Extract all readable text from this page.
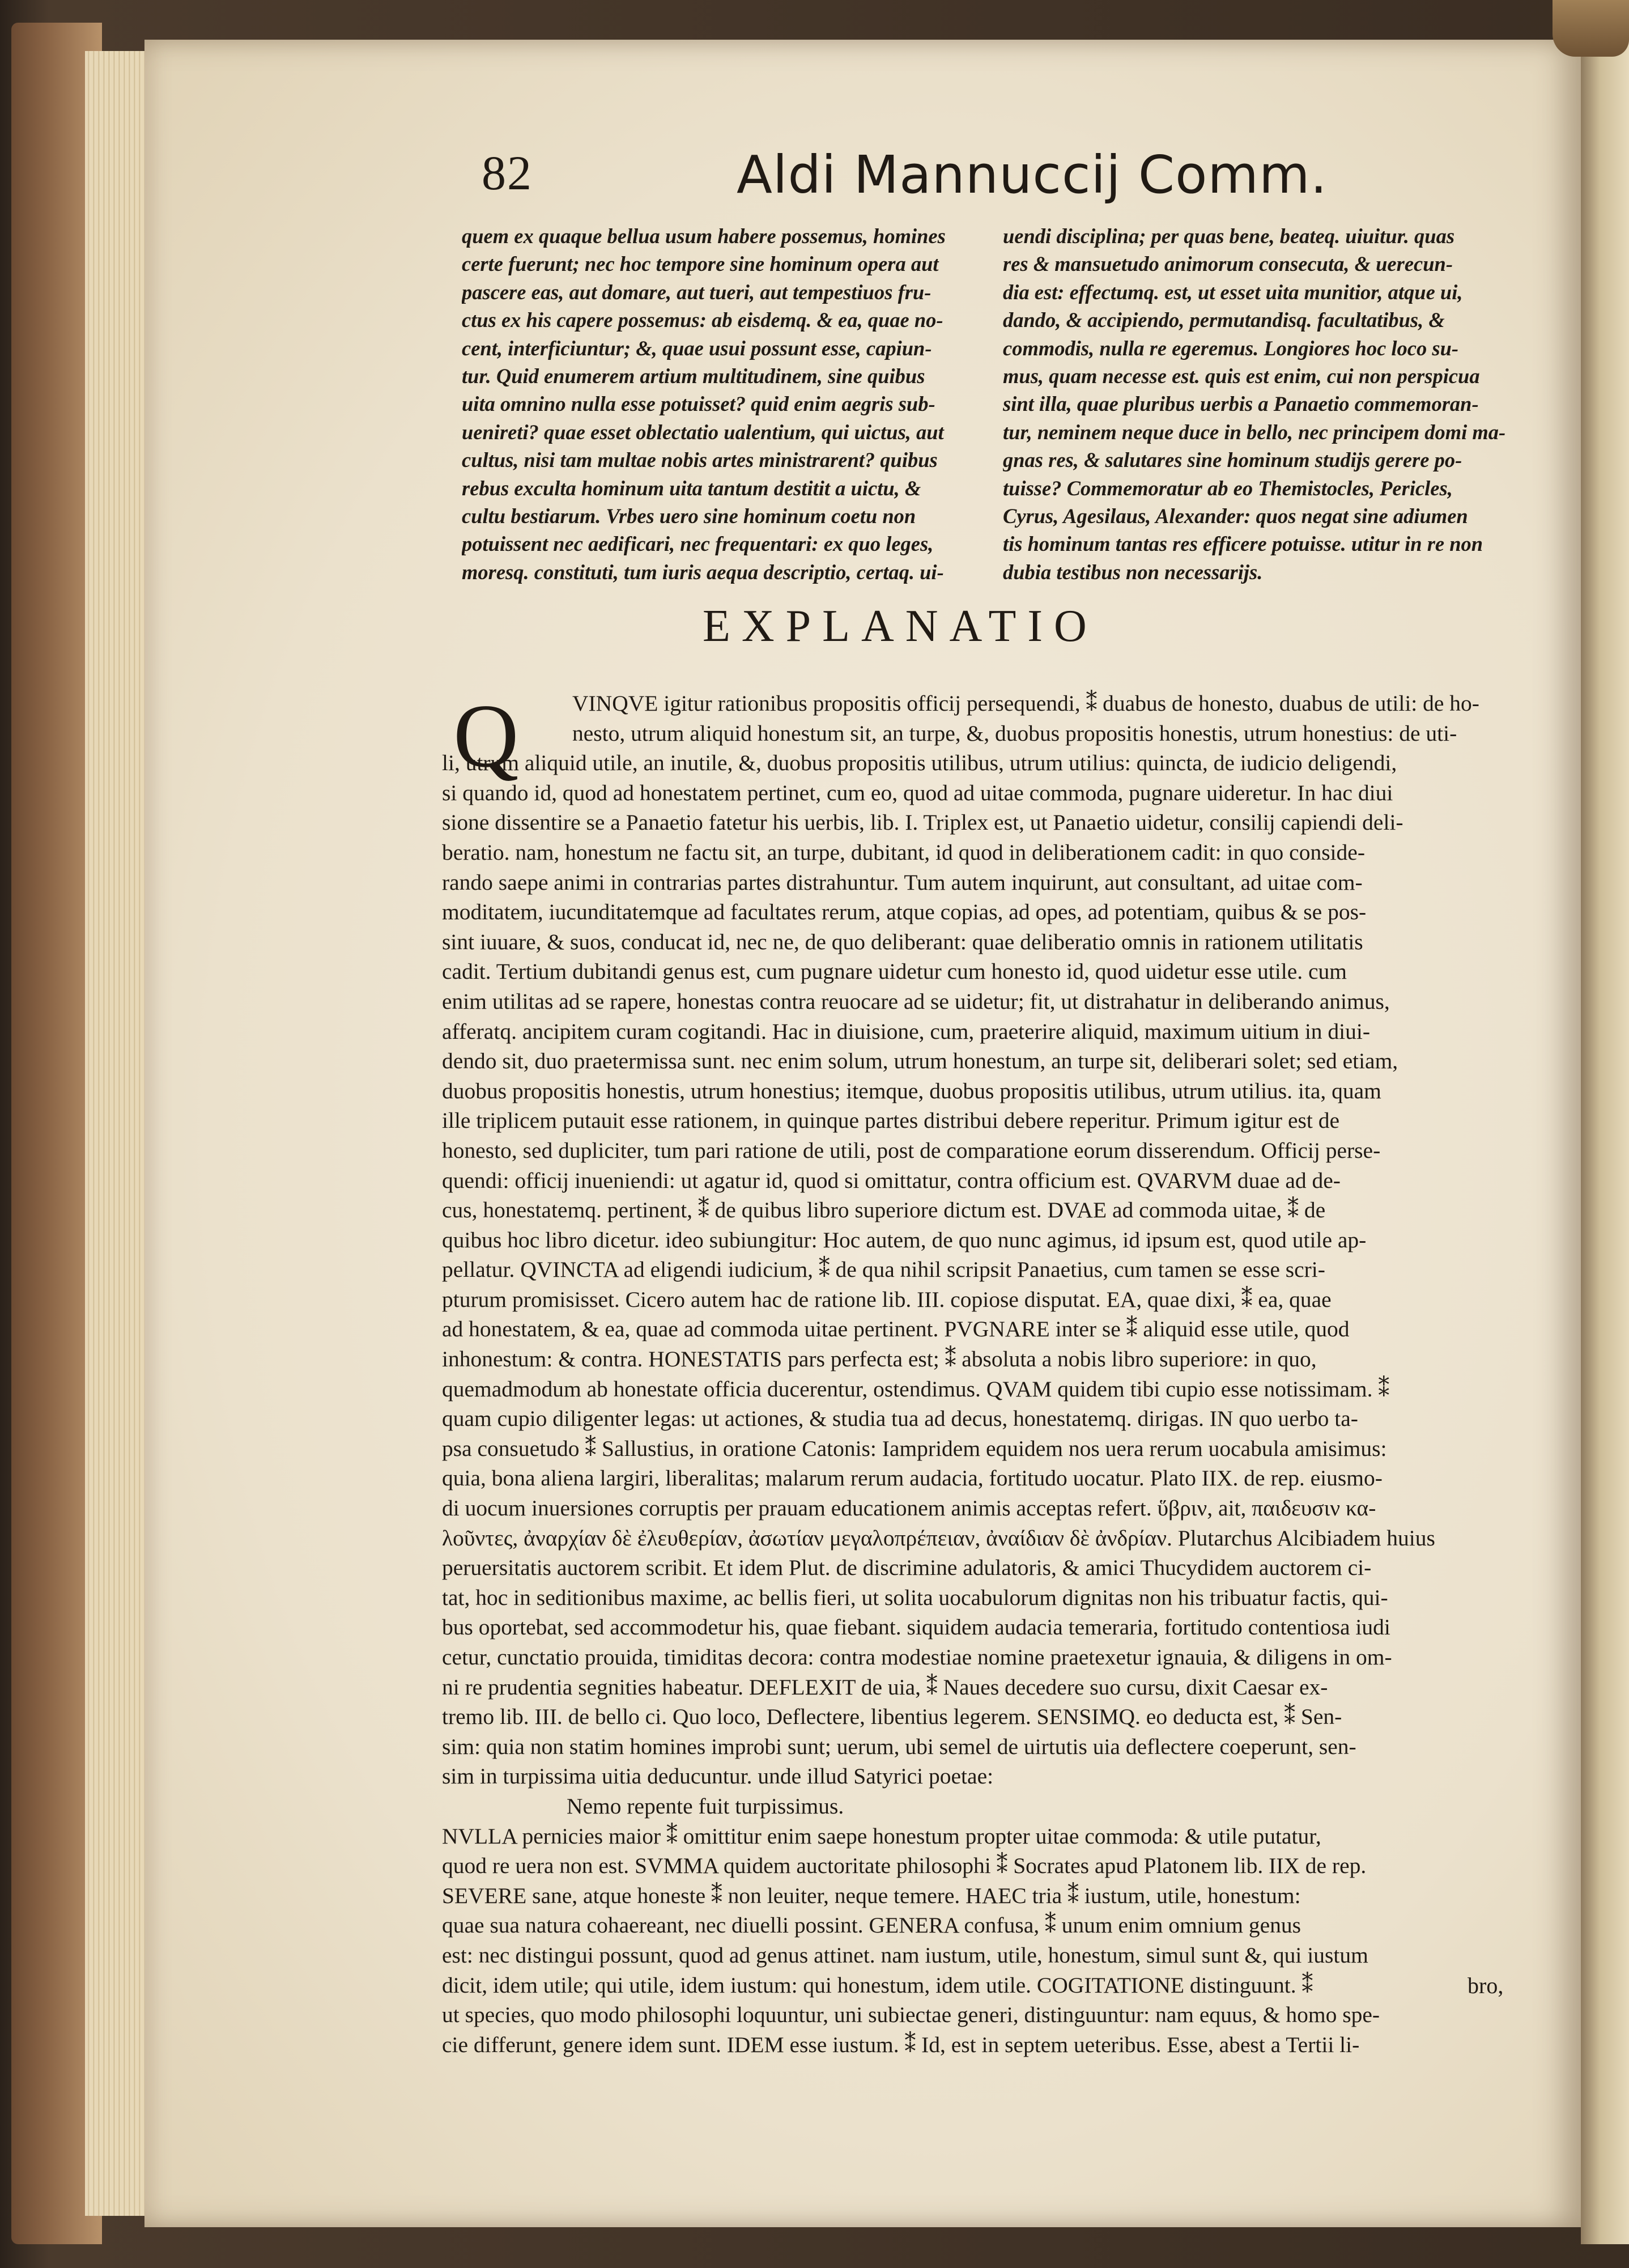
82	Aldi Mannuccij Comm.
quem ex quaque bellua usum habere possemus, homines
certe fuerunt; nec hoc tempore sine hominum opera aut
pascere eas, aut domare, aut tueri, aut tempestiuos fru-
ctus ex his capere possemus: ab eisdemq. & ea, quae no-
cent, interficiuntur; &, quae usui possunt esse, capiun-
tur. Quid enumerem artium multitudinem, sine quibus
uita omnino nulla esse potuisset? quid enim aegris sub-
uenireti? quae esset oblectatio ualentium, qui uictus, aut
cultus, nisi tam multae nobis artes ministrarent? quibus
rebus exculta hominum uita tantum destitit a uictu, &
cultu bestiarum. Vrbes uero sine hominum coetu non
potuissent nec aedificari, nec frequentari: ex quo leges,
moresq. constituti, tum iuris aequa descriptio, certaq. ui-
uendi disciplina; per quas bene, beateq. uiuitur. quas
res & mansuetudo animorum consecuta, & uerecun-
dia est: effectumq. est, ut esset uita munitior, atque ui,
dando, & accipiendo, permutandisq. facultatibus, &
commodis, nulla re egeremus. Longiores hoc loco su-
mus, quam necesse est. quis est enim, cui non perspicua
sint illa, quae pluribus uerbis a Panaetio commemoran-
tur, neminem neque duce in bello, nec principem domi ma-
gnas res, & salutares sine hominum studijs gerere po-
tuisse? Commemoratur ab eo Themistocles, Pericles,
Cyrus, Agesilaus, Alexander: quos negat sine adiumen
tis hominum tantas res efficere potuisse. utitur in re non
dubia testibus non necessarijs.
EXPLANATIO
Q	VINQVE igitur rationibus propositis officij persequendi, ⁑ duabus de honesto, duabus de utili: de ho-
nesto, utrum aliquid honestum sit, an turpe, &, duobus propositis honestis, utrum honestius: de uti-
li, utrum aliquid utile, an inutile, &, duobus propositis utilibus, utrum utilius: quincta, de iudicio deligendi,
si quando id, quod ad honestatem pertinet, cum eo, quod ad uitae commoda, pugnare uideretur. In hac diui
sione dissentire se a Panaetio fatetur his uerbis, lib. I. Triplex est, ut Panaetio uidetur, consilij capiendi deli-
beratio. nam, honestum ne factu sit, an turpe, dubitant, id quod in deliberationem cadit: in quo conside-
rando saepe animi in contrarias partes distrahuntur. Tum autem inquirunt, aut consultant, ad uitae com-
moditatem, iucunditatemque ad facultates rerum, atque copias, ad opes, ad potentiam, quibus & se pos-
sint iuuare, & suos, conducat id, nec ne, de quo deliberant: quae deliberatio omnis in rationem utilitatis
cadit. Tertium dubitandi genus est, cum pugnare uidetur cum honesto id, quod uidetur esse utile. cum
enim utilitas ad se rapere, honestas contra reuocare ad se uidetur; fit, ut distrahatur in deliberando animus,
afferatq. ancipitem curam cogitandi. Hac in diuisione, cum, praeterire aliquid, maximum uitium in diui-
dendo sit, duo praetermissa sunt. nec enim solum, utrum honestum, an turpe sit, deliberari solet; sed etiam,
duobus propositis honestis, utrum honestius; itemque, duobus propositis utilibus, utrum utilius. ita, quam
ille triplicem putauit esse rationem, in quinque partes distribui debere reperitur. Primum igitur est de
honesto, sed dupliciter, tum pari ratione de utili, post de comparatione eorum disserendum. Officij perse-
quendi: officij inueniendi: ut agatur id, quod si omittatur, contra officium est. QVARVM duae ad de-
cus, honestatemq. pertinent, ⁑ de quibus libro superiore dictum est. DVAE ad commoda uitae, ⁑ de
quibus hoc libro dicetur. ideo subiungitur: Hoc autem, de quo nunc agimus, id ipsum est, quod utile ap-
pellatur. QVINCTA ad eligendi iudicium, ⁑ de qua nihil scripsit Panaetius, cum tamen se esse scri-
pturum promisisset. Cicero autem hac de ratione lib. III. copiose disputat. EA, quae dixi, ⁑ ea, quae
ad honestatem, & ea, quae ad commoda uitae pertinent. PVGNARE inter se ⁑ aliquid esse utile, quod
inhonestum: & contra. HONESTATIS pars perfecta est; ⁑ absoluta a nobis libro superiore: in quo,
quemadmodum ab honestate officia ducerentur, ostendimus. QVAM quidem tibi cupio esse notissimam. ⁑
quam cupio diligenter legas: ut actiones, & studia tua ad decus, honestatemq. dirigas. IN quo uerbo ta-
psa consuetudo ⁑ Sallustius, in oratione Catonis: Iampridem equidem nos uera rerum uocabula amisimus:
quia, bona aliena largiri, liberalitas; malarum rerum audacia, fortitudo uocatur. Plato IIX. de rep. eiusmo-
di uocum inuersiones corruptis per prauam educationem animis acceptas refert. ὕβριν, ait, παιδευσιν κα-
λοῦντες, ἀναρχίαν δὲ ἐλευθερίαν, ἀσωτίαν μεγαλοπρέπειαν, ἀναίδιαν δὲ ἀνδρίαν. Plutarchus Alcibiadem huius
peruersitatis auctorem scribit. Et idem Plut. de discrimine adulatoris, & amici Thucydidem auctorem ci-
tat, hoc in seditionibus maxime, ac bellis fieri, ut solita uocabulorum dignitas non his tribuatur factis, qui-
bus oportebat, sed accommodetur his, quae fiebant. siquidem audacia temeraria, fortitudo contentiosa iudi
cetur, cunctatio prouida, timiditas decora: contra modestiae nomine praetexetur ignauia, & diligens in om-
ni re prudentia segnities habeatur. DEFLEXIT de uia, ⁑ Naues decedere suo cursu, dixit Caesar ex-
tremo lib. III. de bello ci. Quo loco, Deflectere, libentius legerem. SENSIMQ. eo deducta est, ⁑ Sen-
sim: quia non statim homines improbi sunt; uerum, ubi semel de uirtutis uia deflectere coeperunt, sen-
sim in turpissima uitia deducuntur. unde illud Satyrici poetae:
Nemo repente fuit turpissimus.
NVLLA pernicies maior ⁑ omittitur enim saepe honestum propter uitae commoda: & utile putatur,
quod re uera non est. SVMMA quidem auctoritate philosophi ⁑ Socrates apud Platonem lib. IIX de rep.
SEVERE sane, atque honeste ⁑ non leuiter, neque temere. HAEC tria ⁑ iustum, utile, honestum:
quae sua natura cohaereant, nec diuelli possint. GENERA confusa, ⁑ unum enim omnium genus
est: nec distingui possunt, quod ad genus attinet. nam iustum, utile, honestum, simul sunt &, qui iustum
dicit, idem utile; qui utile, idem iustum: qui honestum, idem utile. COGITATIONE distinguunt. ⁑
ut species, quo modo philosophi loquuntur, uni subiectae generi, distinguuntur: nam equus, & homo spe-
cie differunt, genere idem sunt. IDEM esse iustum. ⁑ Id, est in septem ueteribus. Esse, abest a Tertii li-
bro,
